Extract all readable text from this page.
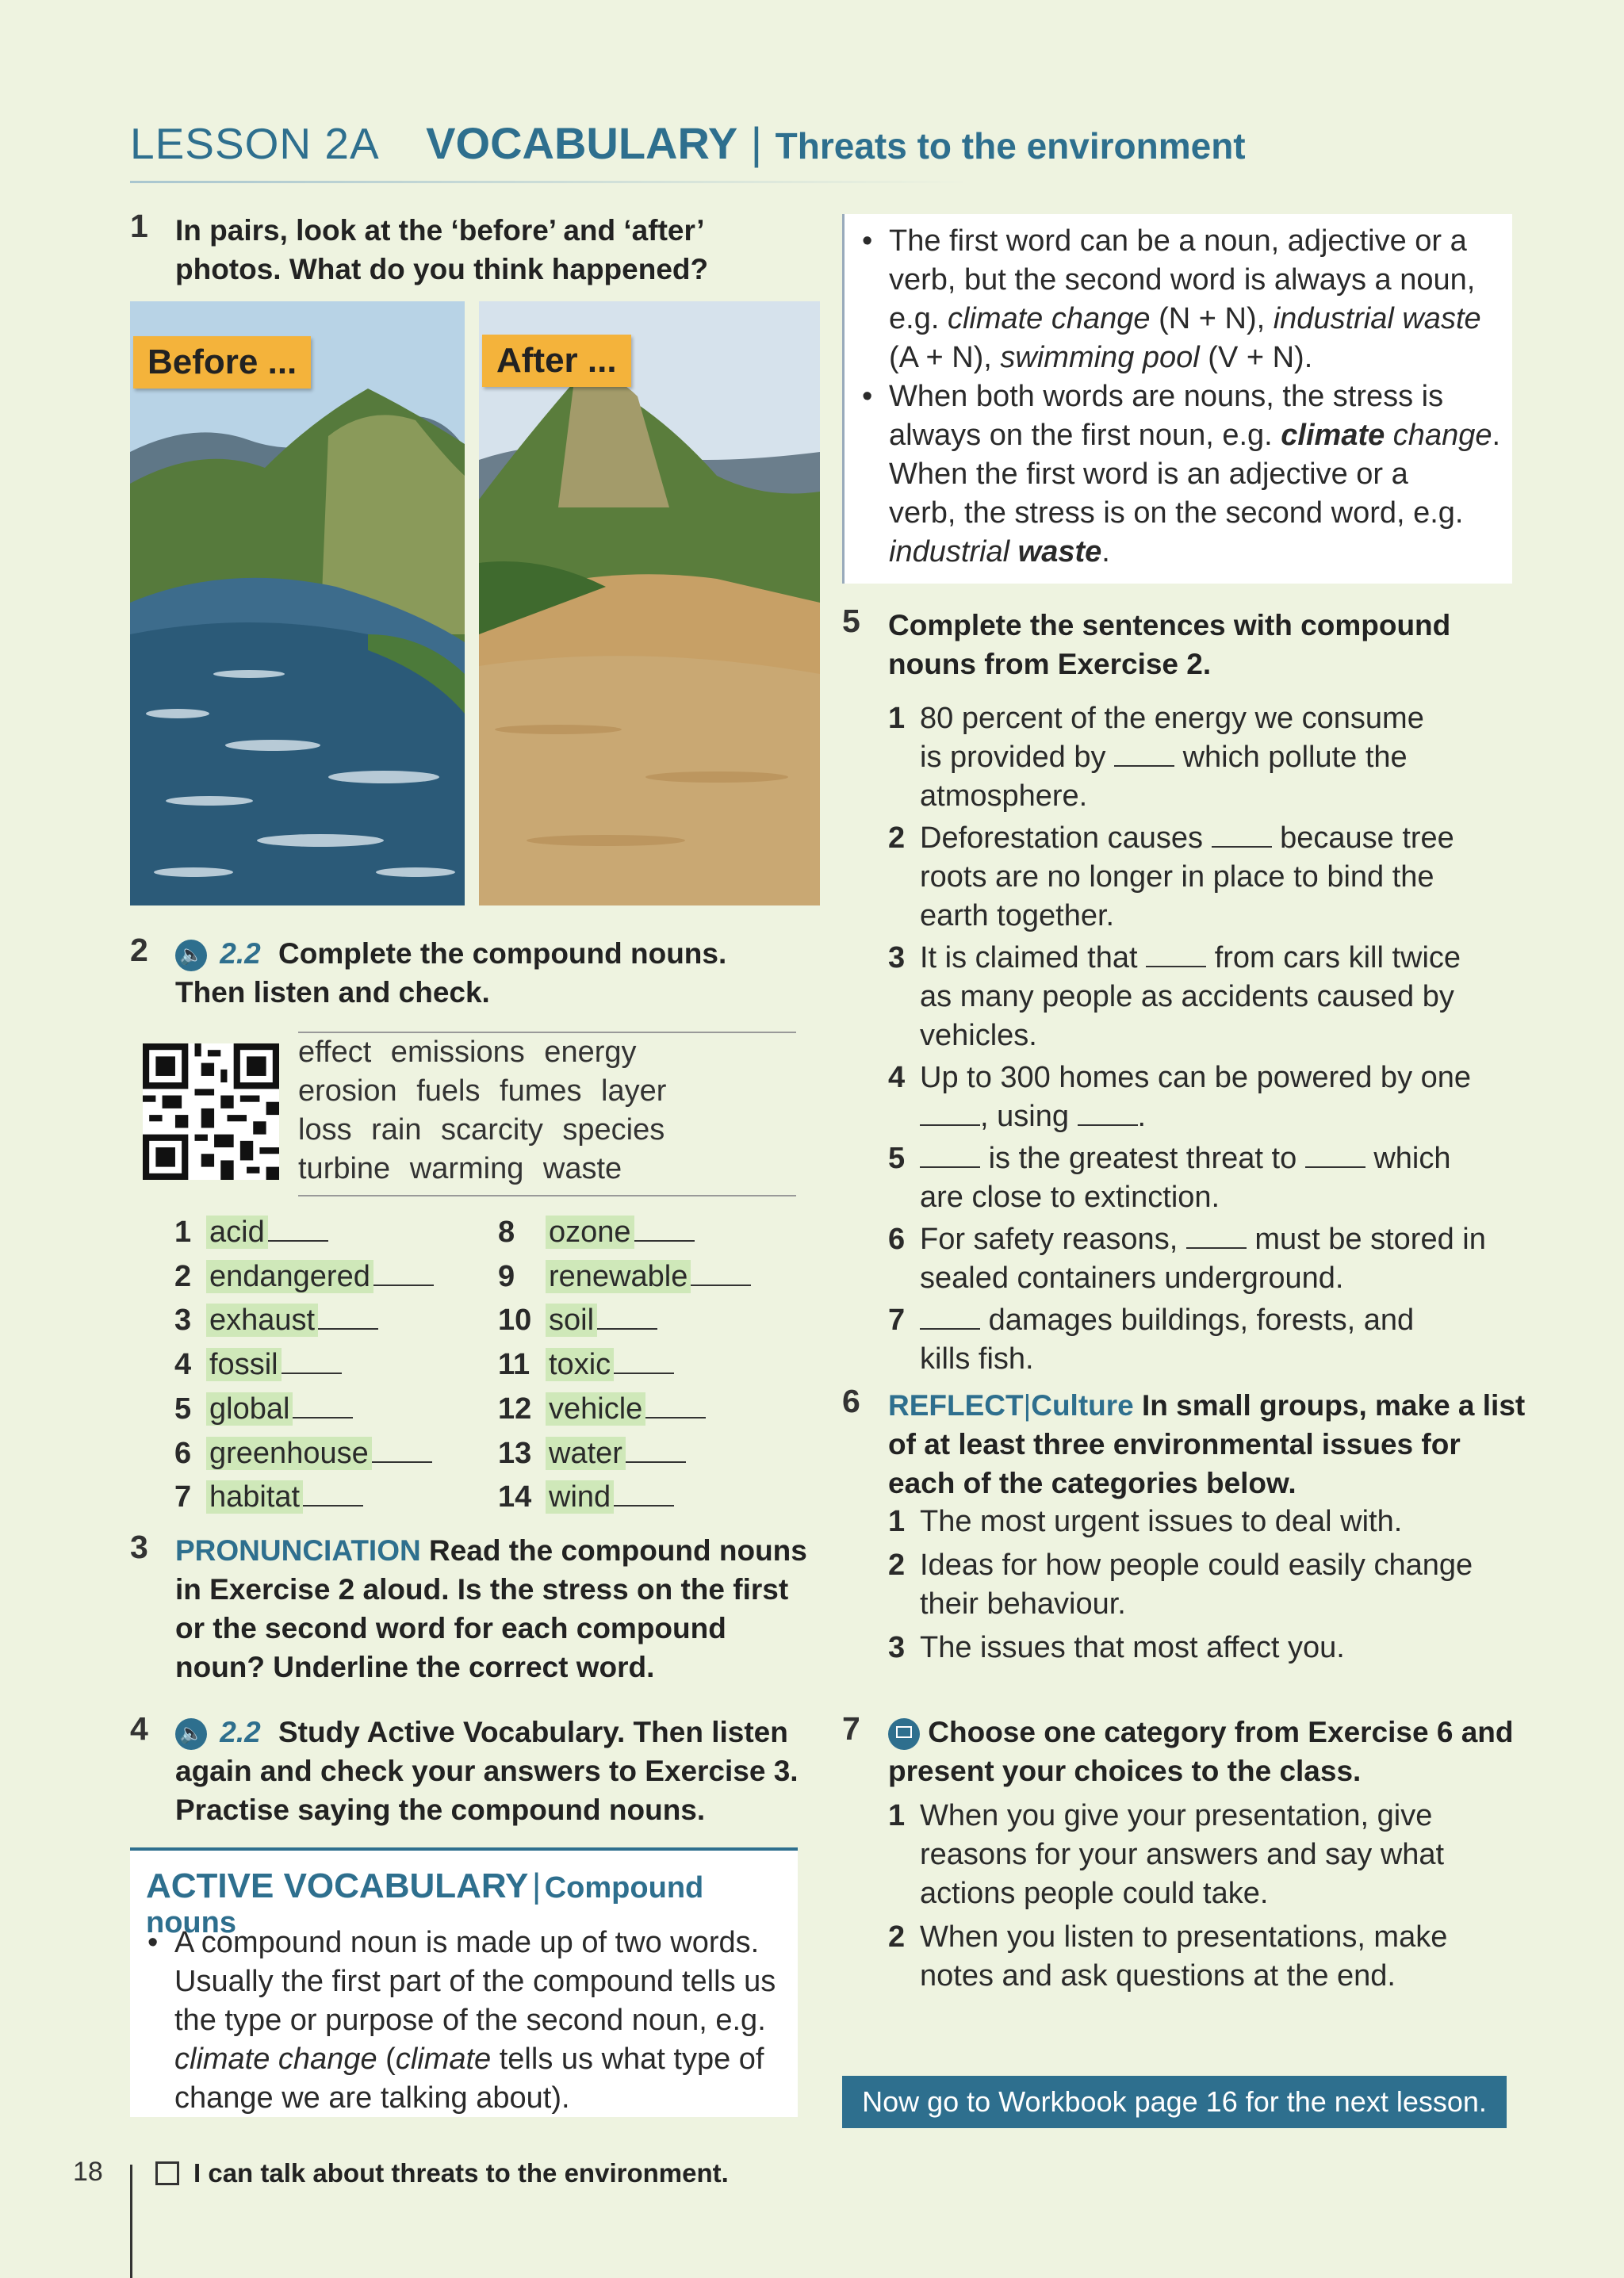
LESSON 2A VOCABULARY | Threats to the environment
1 In pairs, look at the ‘before’ and ‘after’
photos. What do you think happened?
Before ...	After ...
2 🔈 2.2 Complete the compound nouns.
Then listen and check.
effect emissions energy
erosion fuels fumes layer
loss rain scarcity species
turbine warming waste
1 acid
2 endangered
3 exhaust
4 fossil
5 global
6 greenhouse
7 habitat
8 ozone
9 renewable
10 soil
11 toxic
12 vehicle
13 water
14 wind
3 PRONUNCIATION Read the compound nouns
in Exercise 2 aloud. Is the stress on the first
or the second word for each compound
noun? Underline the correct word.
4 🔈 2.2 Study Active Vocabulary. Then listen
again and check your answers to Exercise 3.
Practise saying the compound nouns.
ACTIVE VOCABULARY | Compound nouns
• A compound noun is made up of two words.
Usually the first part of the compound tells us
the type or purpose of the second noun, e.g.
climate change (climate tells us what type of
change we are talking about).
• The first word can be a noun, adjective or a
verb, but the second word is always a noun,
e.g. climate change (N + N), industrial waste
(A + N), swimming pool (V + N).
• When both words are nouns, the stress is
always on the first noun, e.g. climate change.
When the first word is an adjective or a
verb, the stress is on the second word, e.g.
industrial waste.
5 Complete the sentences with compound
nouns from Exercise 2.
1 80 percent of the energy we consume
is provided by	which pollute the
atmosphere.
2 Deforestation causes	because tree
roots are no longer in place to bind the
earth together.
3 It is claimed that	from cars kill twice
as many people as accidents caused by
vehicles.
4 Up to 300 homes can be powered by one
, using .
5	is the greatest threat to	which
are close to extinction.
6 For safety reasons,	must be stored in
sealed containers underground.
7	damages buildings, forests, and
kills fish.
6 REFLECT|Culture In small groups, make a list
of at least three environmental issues for
each of the categories below.
1 The most urgent issues to deal with.
2 Ideas for how people could easily change
their behaviour.
3 The issues that most affect you.
7	Choose one category from Exercise 6 and
present your choices to the class.
1 When you give your presentation, give
reasons for your answers and say what
actions people could take.
2 When you listen to presentations, make
notes and ask questions at the end.
Now go to Workbook page 16 for the next lesson.
18	I can talk about threats to the environment.
